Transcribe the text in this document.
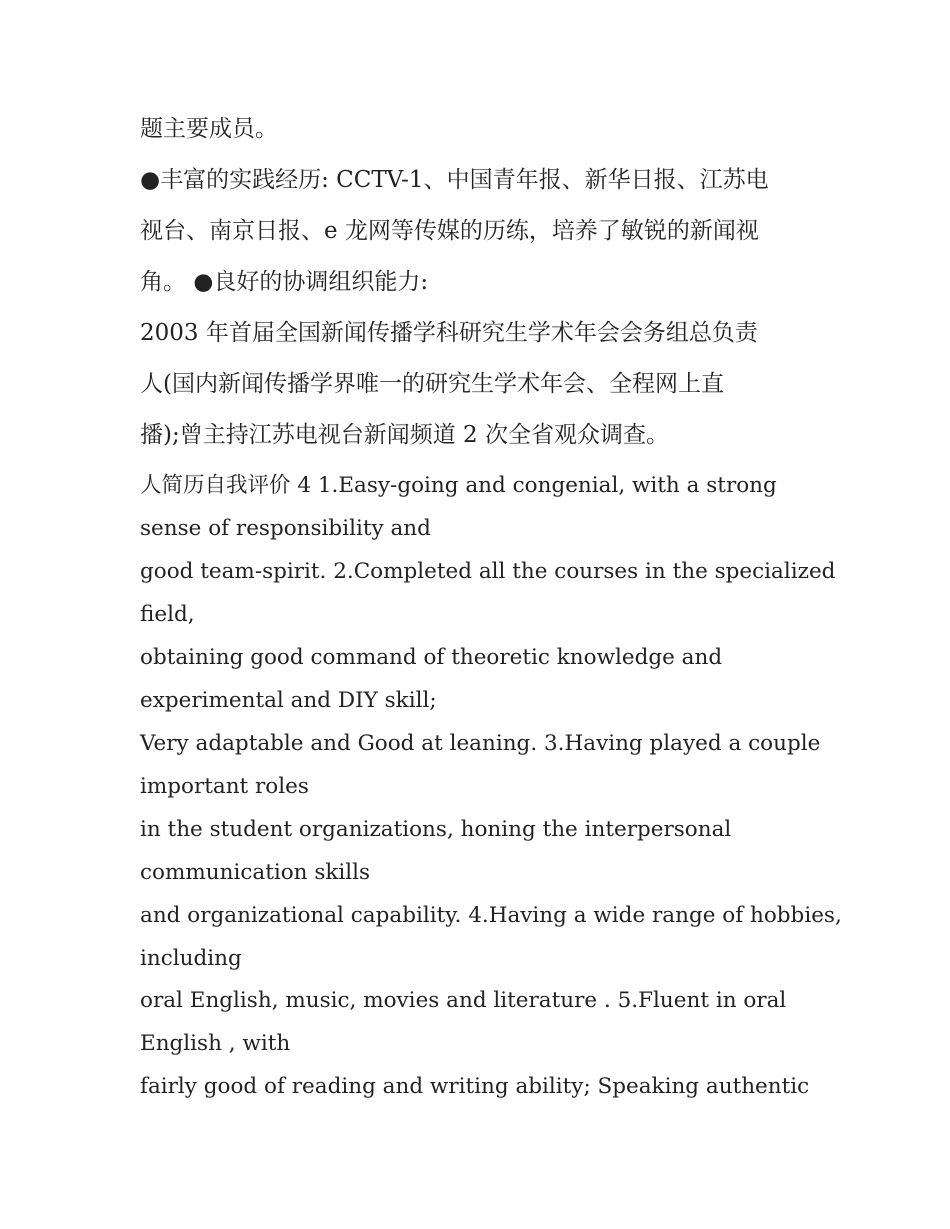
题主要成员。
●丰富的实践经历: CCTV-1、中国青年报、新华日报、江苏电
视台、南京日报、e 龙网等传媒的历练，培养了敏锐的新闻视
角。 ●良好的协调组织能力:
2003 年首届全国新闻传播学科研究生学术年会会务组总负责
人(国内新闻传播学界唯一的研究生学术年会、全程网上直
播);曾主持江苏电视台新闻频道 2 次全省观众调查。
人简历自我评价 4 1.Easy-going and congenial, with a strong
sense of responsibility and
good team-spirit. 2.Completed all the courses in the specialized
field,
obtaining good command of theoretic knowledge and
experimental and DIY skill;
Very adaptable and Good at leaning. 3.Having played a couple
important roles
in the student organizations, honing the interpersonal
communication skills
and organizational capability. 4.Having a wide range of hobbies,
including
oral English, music, movies and literature . 5.Fluent in oral
English , with
fairly good of reading and writing ability; Speaking authentic
